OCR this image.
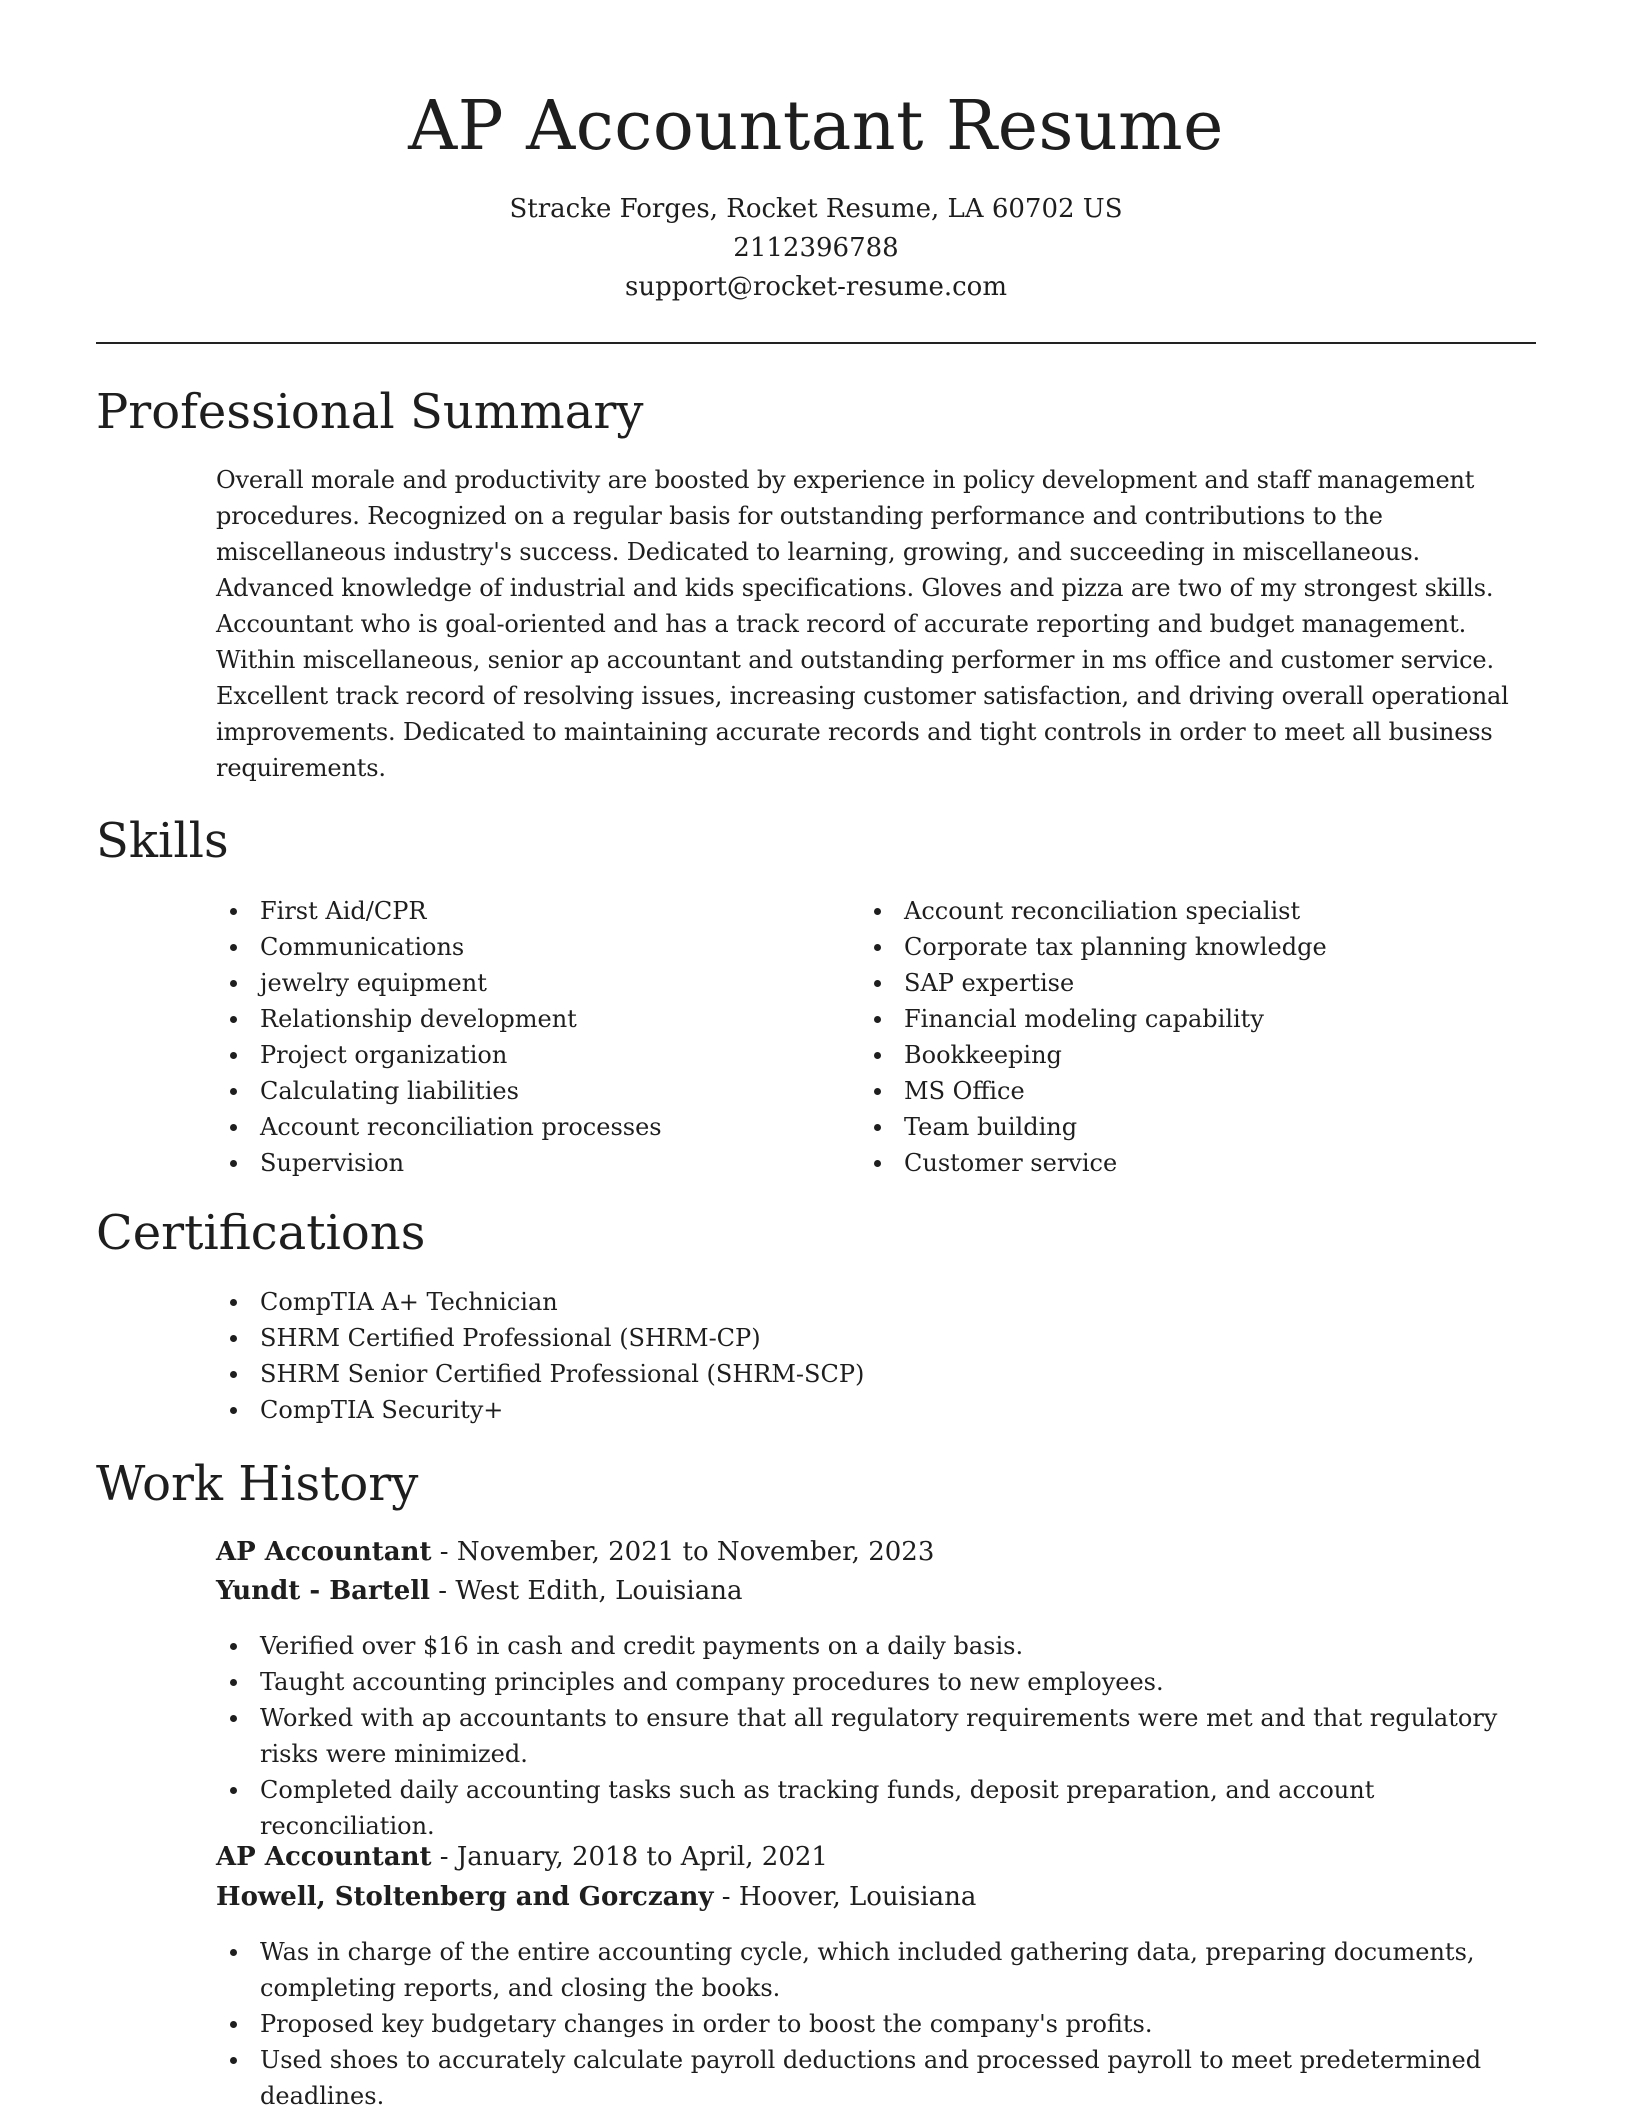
AP Accountant Resume

Stracke Forges, Rocket Resume, LA 60702 US

2112396788

support@rocket-resume.com

Professional Summary

Overall morale and productivity are boosted by experience in policy development and staff management procedures. Recognized on a regular basis for outstanding performance and contributions to the miscellaneous industry's success. Dedicated to learning, growing, and succeeding in miscellaneous. Advanced knowledge of industrial and kids specifications. Gloves and pizza are two of my strongest skills. Accountant who is goal-oriented and has a track record of accurate reporting and budget management. Within miscellaneous, senior ap accountant and outstanding performer in ms office and customer service. Excellent track record of resolving issues, increasing customer satisfaction, and driving overall operational improvements. Dedicated to maintaining accurate records and tight controls in order to meet all business requirements.

Skills
First Aid/CPR
Communications
jewelry equipment
Relationship development
Project organization
Calculating liabilities
Account reconciliation processes
Supervision
Account reconciliation specialist
Corporate tax planning knowledge
SAP expertise
Financial modeling capability
Bookkeeping
MS Office
Team building
Customer service
Certifications
CompTIA A+ Technician
SHRM Certified Professional (SHRM-CP)
SHRM Senior Certified Professional (SHRM-SCP)
CompTIA Security+
Work History

AP Accountant - November, 2021 to November, 2023

Yundt - Bartell - West Edith, Louisiana

Verified over $16 in cash and credit payments on a daily basis.
Taught accounting principles and company procedures to new employees.
Worked with ap accountants to ensure that all regulatory requirements were met and that regulatory risks were minimized.
Completed daily accounting tasks such as tracking funds, deposit preparation, and account reconciliation.

AP Accountant - January, 2018 to April, 2021

Howell, Stoltenberg and Gorczany - Hoover, Louisiana

Was in charge of the entire accounting cycle, which included gathering data, preparing documents, completing reports, and closing the books.
Proposed key budgetary changes in order to boost the company's profits.
Used shoes to accurately calculate payroll deductions and processed payroll to meet predetermined deadlines.
